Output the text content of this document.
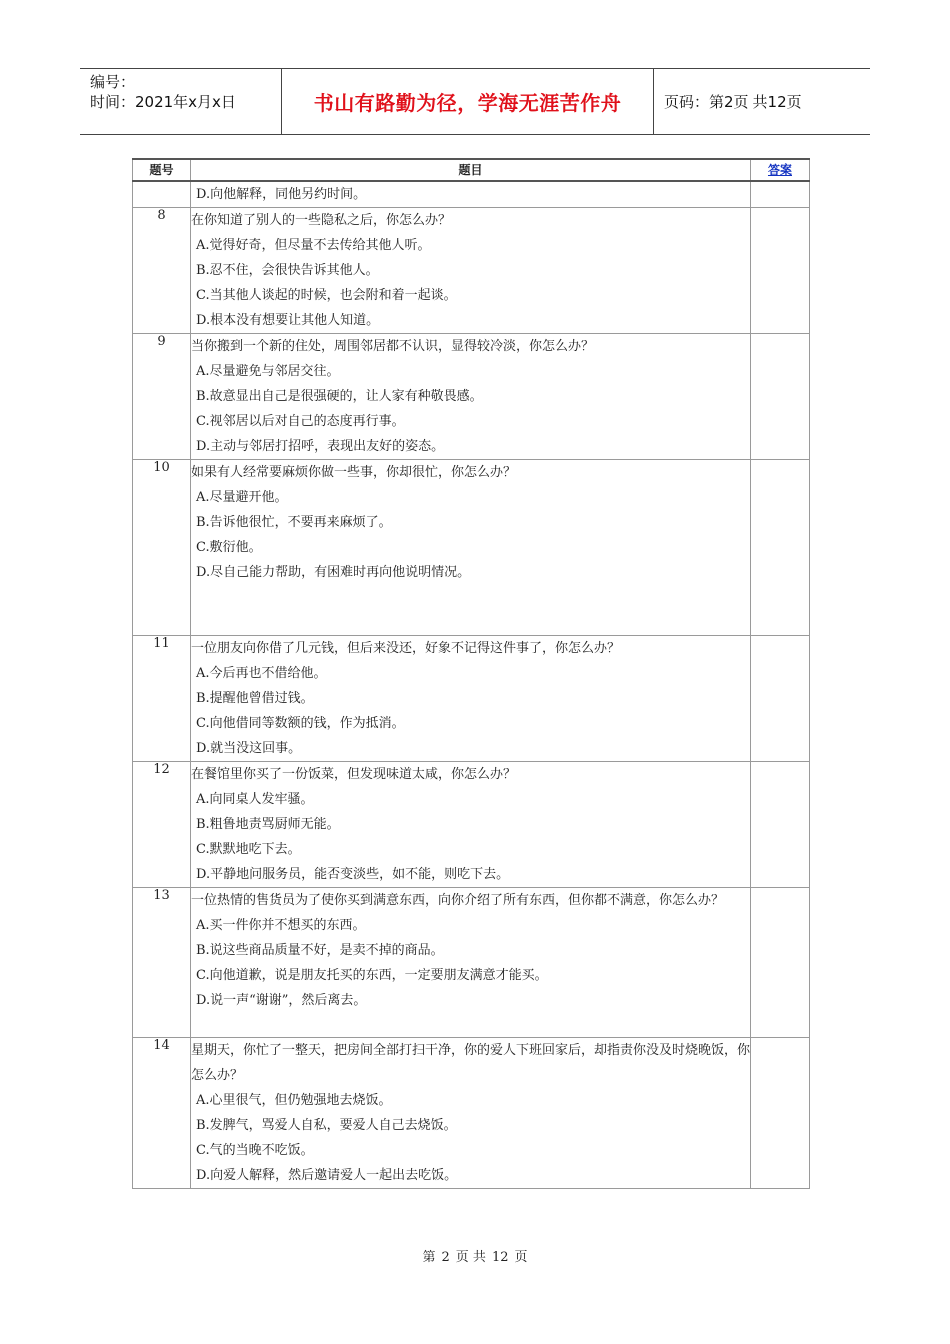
编号：
时间：2021年x月x日	书山有路勤为径，学海无涯苦作舟	页码：第2页 共12页
题号	题目	答案

	D.向他解释，同他另约时间。	

8	在你知道了别人的一些隐私之后，你怎么办？
A.觉得好奇，但尽量不去传给其他人听。
B.忍不住，会很快告诉其他人。
C.当其他人谈起的时候，也会附和着一起谈。
D.根本没有想要让其他人知道。	

9	当你搬到一个新的住处，周围邻居都不认识，显得较冷淡，你怎么办？
A.尽量避免与邻居交往。
B.故意显出自己是很强硬的，让人家有种敬畏感。
C.视邻居以后对自己的态度再行事。
D.主动与邻居打招呼，表现出友好的姿态。	

10	如果有人经常要麻烦你做一些事，你却很忙，你怎么办？
A.尽量避开他。
B.告诉他很忙，不要再来麻烦了。
C.敷衍他。
D.尽自己能力帮助，有困难时再向他说明情况。	

11	一位朋友向你借了几元钱，但后来没还，好象不记得这件事了，你怎么办？
A.今后再也不借给他。
B.提醒他曾借过钱。
C.向他借同等数额的钱，作为抵消。
D.就当没这回事。	

12	在餐馆里你买了一份饭菜，但发现味道太咸，你怎么办？
A.向同桌人发牢骚。
B.粗鲁地责骂厨师无能。
C.默默地吃下去。
D.平静地问服务员，能否变淡些，如不能，则吃下去。	

13	一位热情的售货员为了使你买到满意东西，向你介绍了所有东西，但你都不满意，你怎么办？
A.买一件你并不想买的东西。
B.说这些商品质量不好，是卖不掉的商品。
C.向他道歉，说是朋友托买的东西，一定要朋友满意才能买。
D.说一声“谢谢”，然后离去。	

14	星期天，你忙了一整天，把房间全部打扫干净，你的爱人下班回家后，却指责你没及时烧晚饭，你怎么办？
A.心里很气，但仍勉强地去烧饭。
B.发脾气，骂爱人自私，要爱人自己去烧饭。
C.气的当晚不吃饭。
D.向爱人解释，然后邀请爱人一起出去吃饭。	

第 2 页 共 12 页
